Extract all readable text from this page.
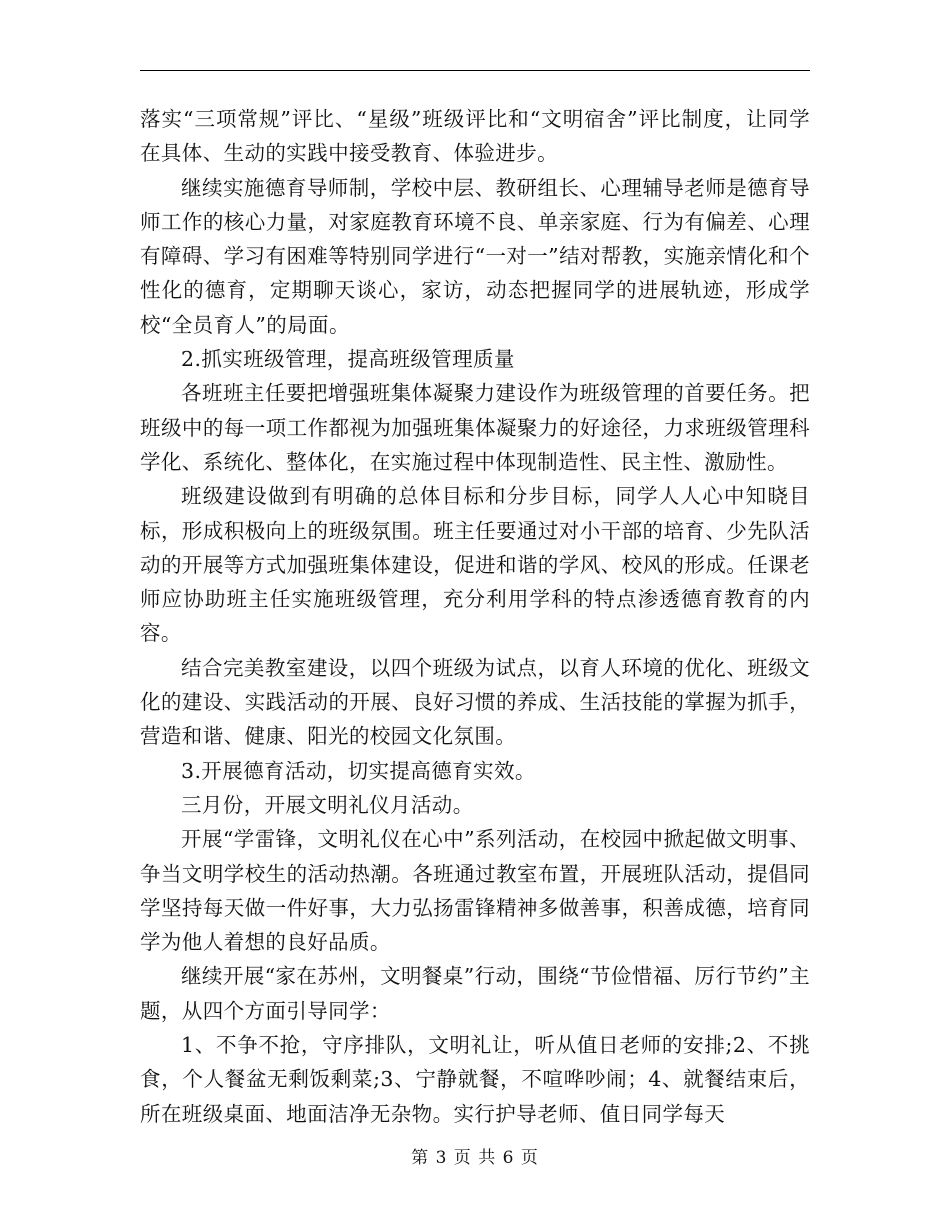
落实“三项常规”评比、“星级”班级评比和“文明宿舍”评比制度，让同学在具体、生动的实践中接受教育、体验进步。

继续实施德育导师制，学校中层、教研组长、心理辅导老师是德育导师工作的核心力量，对家庭教育环境不良、单亲家庭、行为有偏差、心理有障碍、学习有困难等特别同学进行“一对一”结对帮教，实施亲情化和个性化的德育，定期聊天谈心，家访，动态把握同学的进展轨迹，形成学校“全员育人”的局面。

2.抓实班级管理，提高班级管理质量

各班班主任要把增强班集体凝聚力建设作为班级管理的首要任务。把班级中的每一项工作都视为加强班集体凝聚力的好途径，力求班级管理科学化、系统化、整体化，在实施过程中体现制造性、民主性、激励性。

班级建设做到有明确的总体目标和分步目标，同学人人心中知晓目标，形成积极向上的班级氛围。班主任要通过对小干部的培育、少先队活动的开展等方式加强班集体建设，促进和谐的学风、校风的形成。任课老师应协助班主任实施班级管理，充分利用学科的特点渗透德育教育的内容。

结合完美教室建设，以四个班级为试点，以育人环境的优化、班级文化的建设、实践活动的开展、良好习惯的养成、生活技能的掌握为抓手，营造和谐、健康、阳光的校园文化氛围。

3.开展德育活动，切实提高德育实效。

三月份，开展文明礼仪月活动。

开展“学雷锋，文明礼仪在心中”系列活动，在校园中掀起做文明事、争当文明学校生的活动热潮。各班通过教室布置，开展班队活动，提倡同学坚持每天做一件好事，大力弘扬雷锋精神多做善事，积善成德，培育同学为他人着想的良好品质。

继续开展“家在苏州，文明餐桌”行动，围绕“节俭惜福、厉行节约”主题，从四个方面引导同学：

1、不争不抢，守序排队，文明礼让，听从值日老师的安排;2、不挑食，个人餐盆无剩饭剩菜;3、宁静就餐，不喧哗吵闹；4、就餐结束后，所在班级桌面、地面洁净无杂物。实行护导老师、值日同学每天

第 3 页 共 6 页
